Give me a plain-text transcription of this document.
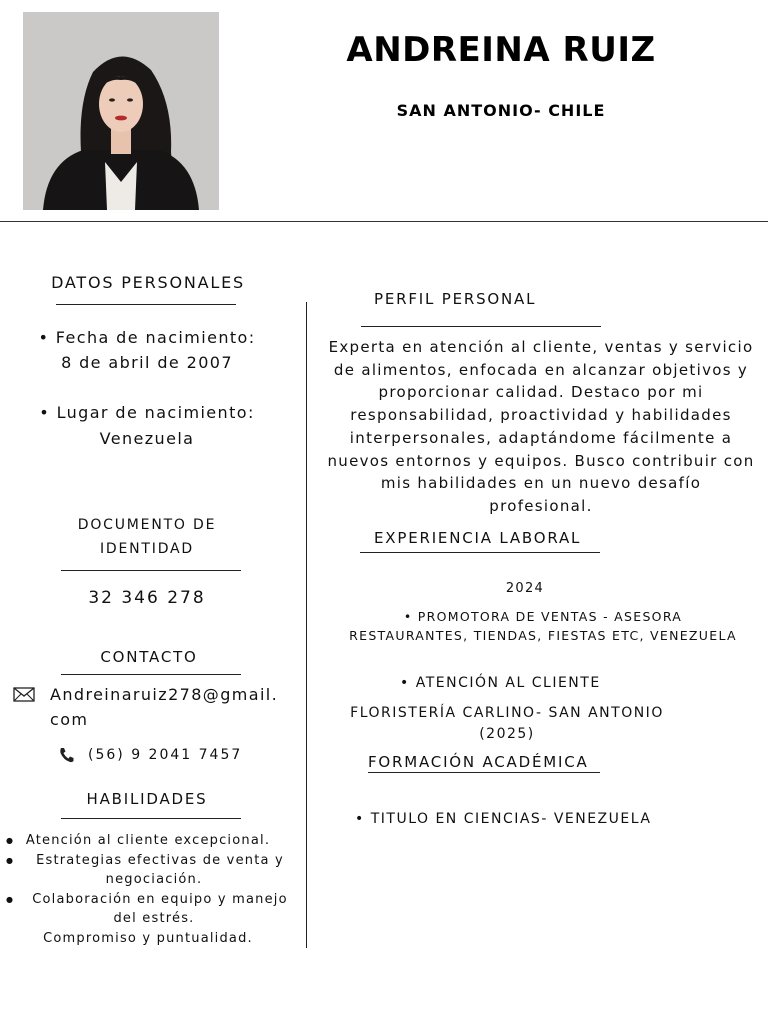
ANDREINA RUIZ
SAN ANTONIO- CHILE
DATOS PERSONALES
• Fecha de nacimiento:
8 de abril de 2007
• Lugar de nacimiento:
Venezuela
DOCUMENTO DE
IDENTIDAD
32 346 278
CONTACTO
Andreinaruiz278@gmail.
com
(56) 9 2041 7457
HABILIDADES
● Atención al cliente excepcional.
● Estrategias efectivas de venta y
negociación.
● Colaboración en equipo y manejo
del estrés.
Compromiso y puntualidad.
PERFIL PERSONAL
Experta en atención al cliente, ventas y servicio
de alimentos, enfocada en alcanzar objetivos y
proporcionar calidad. Destaco por mi
responsabilidad, proactividad y habilidades
interpersonales, adaptándome fácilmente a
nuevos entornos y equipos. Busco contribuir con
mis habilidades en un nuevo desafío
profesional.
EXPERIENCIA LABORAL
2024
• PROMOTORA DE VENTAS - ASESORA
RESTAURANTES, TIENDAS, FIESTAS ETC, VENEZUELA
• ATENCIÓN AL CLIENTE
FLORISTERÍA CARLINO- SAN ANTONIO
(2025)
FORMACIÓN ACADÉMICA
• TITULO EN CIENCIAS- VENEZUELA
